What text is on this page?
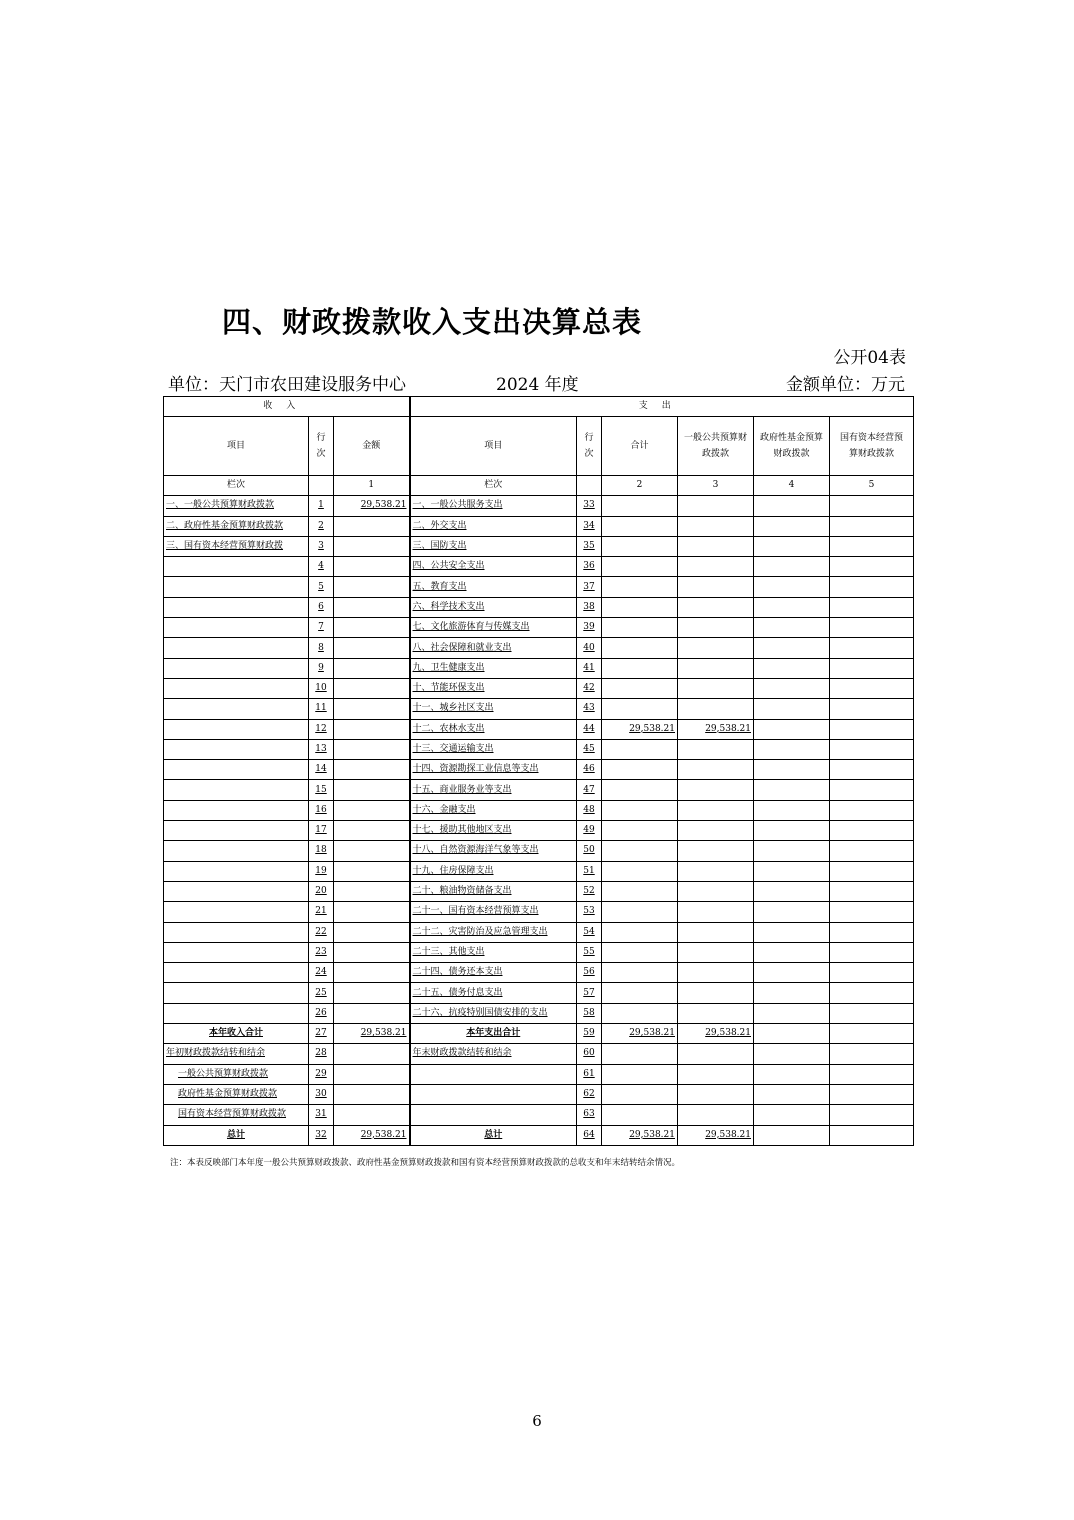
四、财政拨款收入支出决算总表
公开04表
单位：天门市农田建设服务中心	2024 年度	金额单位：万元
收入			支出					
项目	行次	金额	项目	行次	合计	一般公共预算财政拨款	政府性基金预算财政拨款	国有资本经营预算财政拨款
栏次		1	栏次		2	3	4	5
一、一般公共预算财政拨款	1	29,538.21	一、一般公共服务支出	33				
二、政府性基金预算财政拨款	2		二、外交支出	34				
三、国有资本经营预算财政拨	3		三、国防支出	35				
	4		四、公共安全支出	36				
	5		五、教育支出	37				
	6		六、科学技术支出	38				
	7		七、文化旅游体育与传媒支出	39				
	8		八、社会保障和就业支出	40				
	9		九、卫生健康支出	41				
	10		十、节能环保支出	42				
	11		十一、城乡社区支出	43				
	12		十二、农林水支出	44	29,538.21	29,538.21		
	13		十三、交通运输支出	45				
	14		十四、资源勘探工业信息等支出	46				
	15		十五、商业服务业等支出	47				
	16		十六、金融支出	48				
	17		十七、援助其他地区支出	49				
	18		十八、自然资源海洋气象等支出	50				
	19		十九、住房保障支出	51				
	20		二十、粮油物资储备支出	52				
	21		二十一、国有资本经营预算支出	53				
	22		二十二、灾害防治及应急管理支出	54				
	23		二十三、其他支出	55				
	24		二十四、债务还本支出	56				
	25		二十五、债务付息支出	57				
	26		二十六、抗疫特别国债安排的支出	58				
本年收入合计	27	29,538.21	本年支出合计	59	29,538.21	29,538.21		
年初财政拨款结转和结余	28		年末财政拨款结转和结余	60				
一般公共预算财政拨款	29			61				
政府性基金预算财政拨款	30			62				
国有资本经营预算财政拨款	31			63				
总计	32	29,538.21	总计	64	29,538.21	29,538.21		
注：本表反映部门本年度一般公共预算财政拨款、政府性基金预算财政拨款和国有资本经营预算财政拨款的总收支和年末结转结余情况。
6
